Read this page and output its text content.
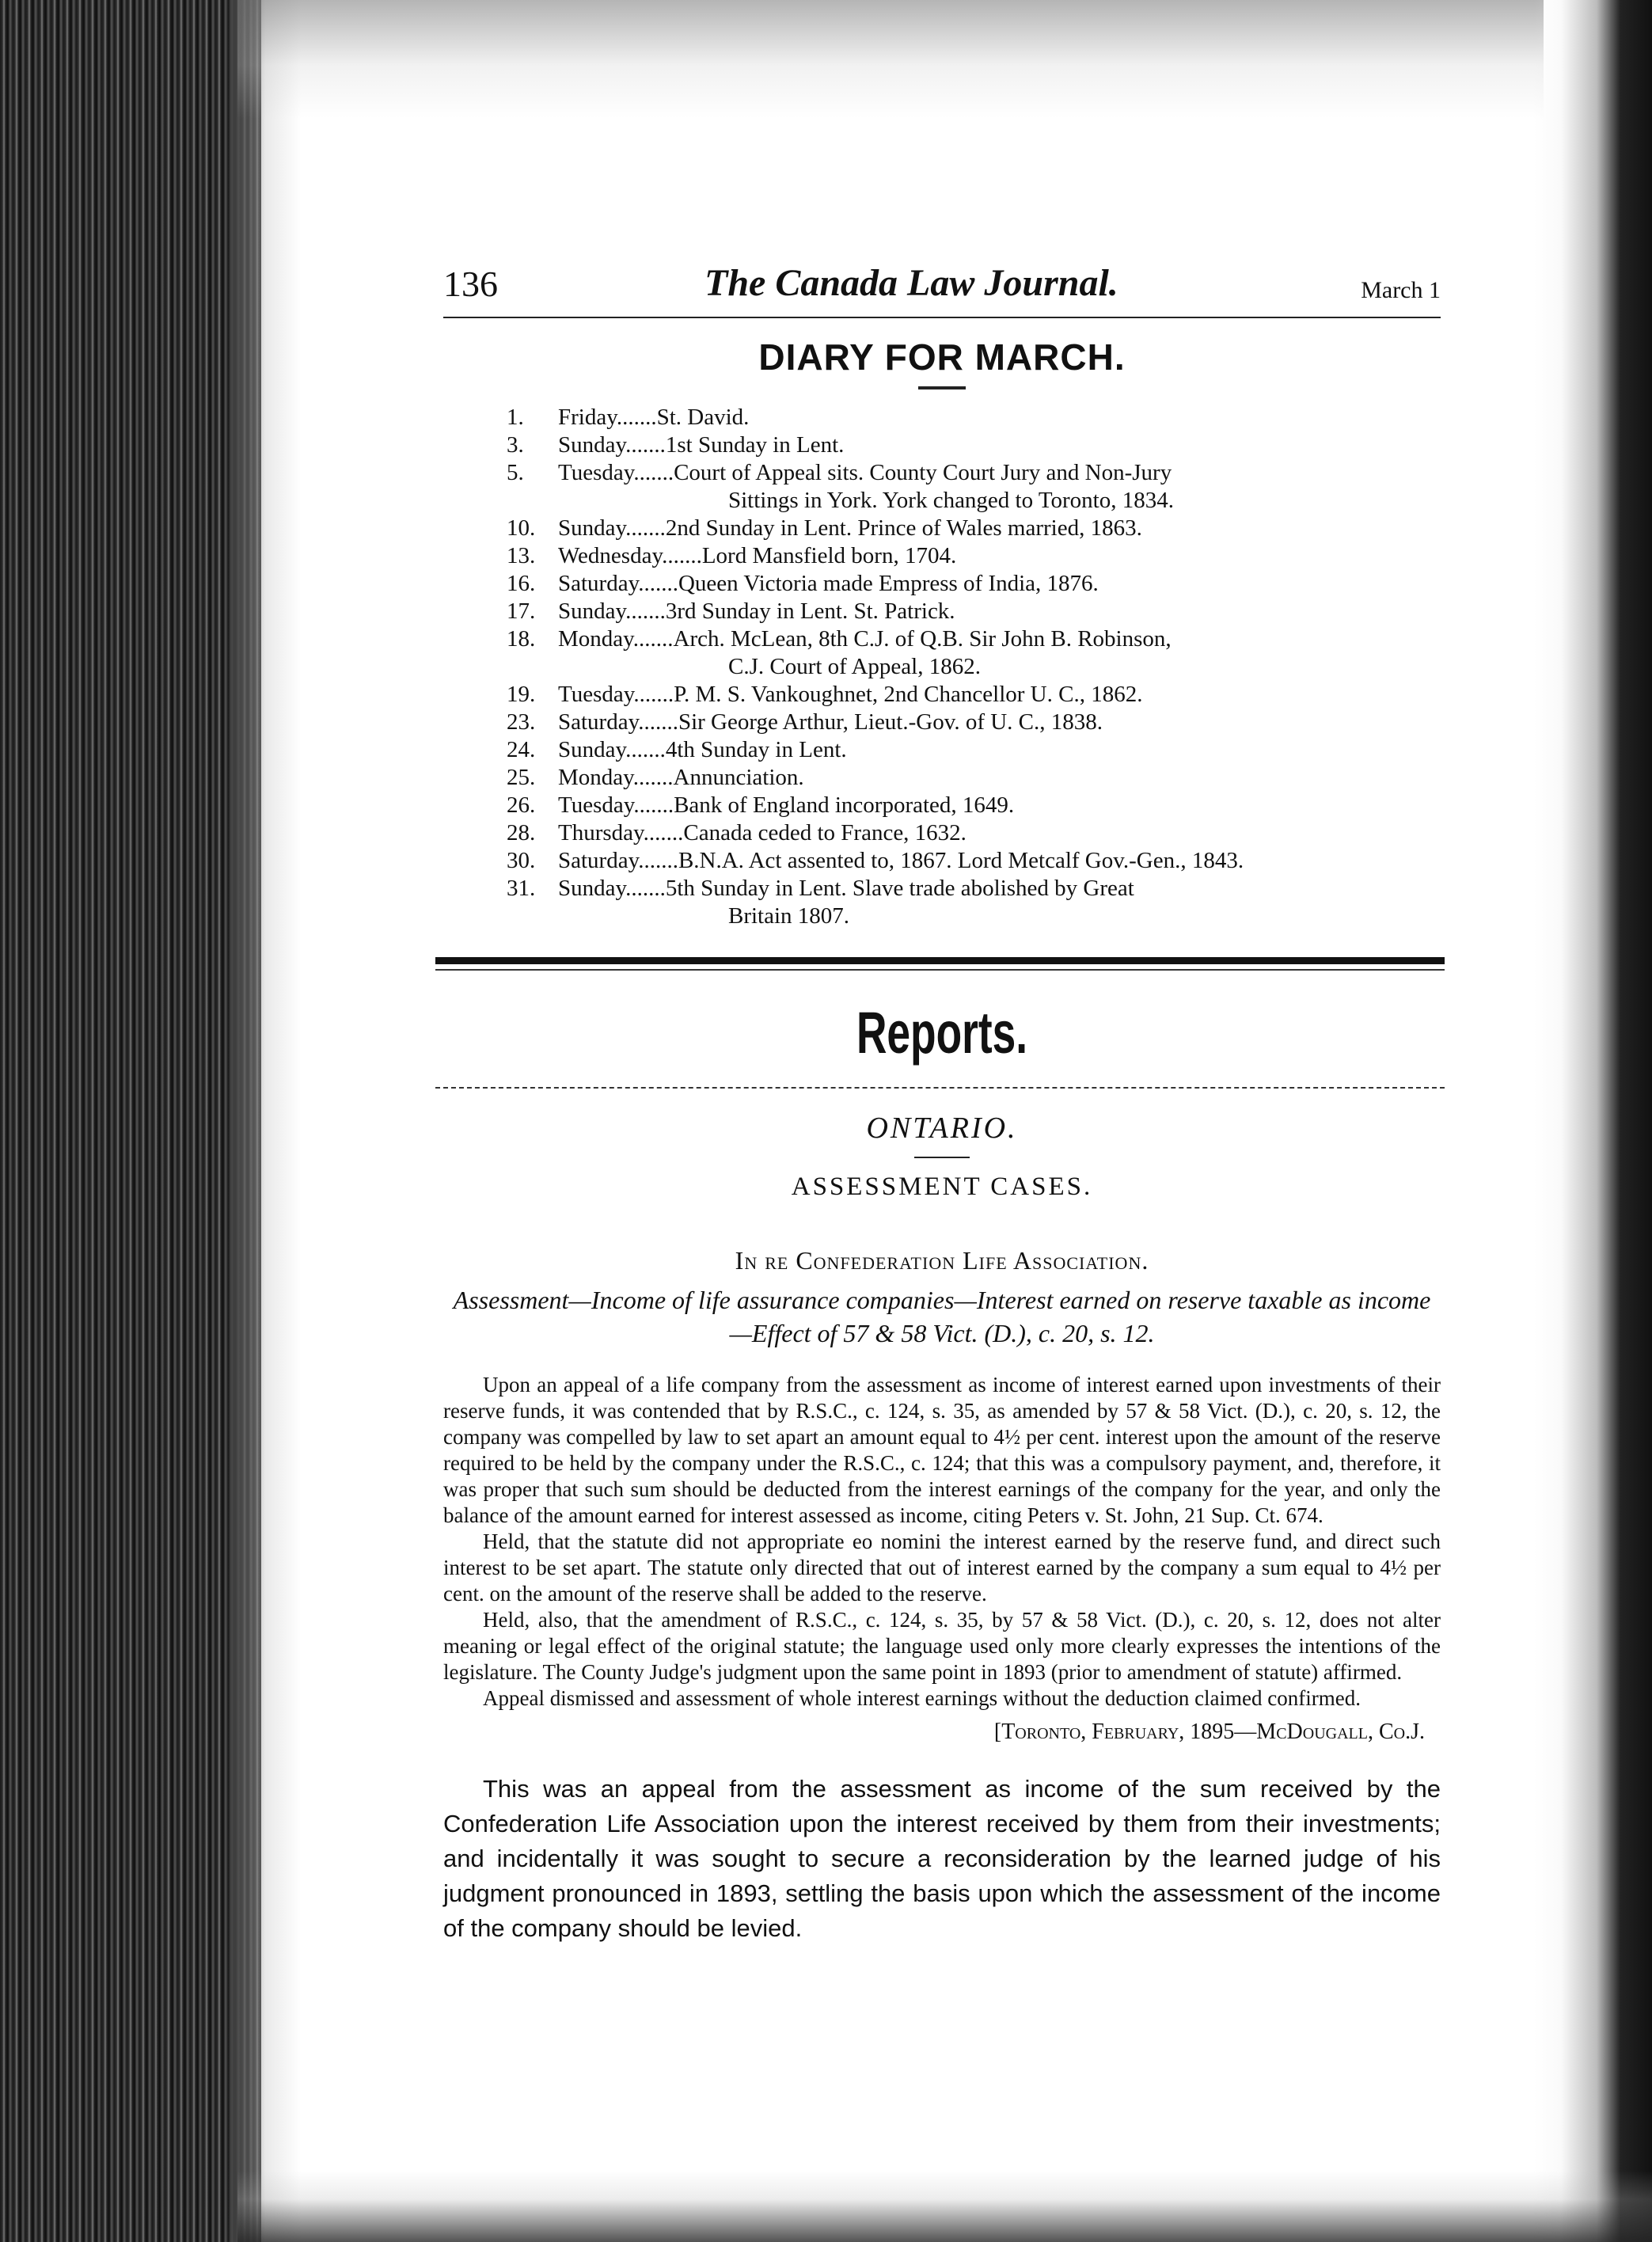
136	The Canada Law Journal.	March 1
DIARY FOR MARCH.
1.	Friday.......St. David.
3.	Sunday.......1st Sunday in Lent.
5.	Tuesday.......Court of Appeal sits. County Court Jury and Non-Jury
Sittings in York. York changed to Toronto, 1834.
10. Sunday.......2nd Sunday in Lent. Prince of Wales married, 1863.
13. Wednesday.......Lord Mansfield born, 1704.
16. Saturday.......Queen Victoria made Empress of India, 1876.
17. Sunday.......3rd Sunday in Lent. St. Patrick.
18. Monday.......Arch. McLean, 8th C.J. of Q.B. Sir John B. Robinson,
C.J. Court of Appeal, 1862.
19. Tuesday.......P. M. S. Vankoughnet, 2nd Chancellor U. C., 1862.
23. Saturday.......Sir George Arthur, Lieut.-Gov. of U. C., 1838.
24. Sunday.......4th Sunday in Lent.
25. Monday.......Annunciation.
26. Tuesday.......Bank of England incorporated, 1649.
28. Thursday.......Canada ceded to France, 1632.
30. Saturday.......B.N.A. Act assented to, 1867. Lord Metcalf Gov.-Gen., 1843.
31. Sunday.......5th Sunday in Lent. Slave trade abolished by Great
Britain 1807.
Reports.
ONTARIO.
ASSESSMENT CASES.
In re Confederation Life Association.
Assessment—Income of life assurance companies—Interest earned on reserve taxable as income—Effect of 57 & 58 Vict. (D.), c. 20, s. 12.

Upon an appeal of a life company from the assessment as income of interest earned upon investments of their reserve funds, it was contended that by R.S.C., c. 124, s. 35, as amended by 57 & 58 Vict. (D.), c. 20, s. 12, the company was compelled by law to set apart an amount equal to 4½ per cent. interest upon the amount of the reserve required to be held by the company under the R.S.C., c. 124; that this was a compulsory payment, and, therefore, it was proper that such sum should be deducted from the interest earnings of the company for the year, and only the balance of the amount earned for interest assessed as income, citing Peters v. St. John, 21 Sup. Ct. 674.

Held, that the statute did not appropriate eo nomini the interest earned by the reserve fund, and direct such interest to be set apart. The statute only directed that out of interest earned by the company a sum equal to 4½ per cent. on the amount of the reserve shall be added to the reserve.

Held, also, that the amendment of R.S.C., c. 124, s. 35, by 57 & 58 Vict. (D.), c. 20, s. 12, does not alter meaning or legal effect of the original statute; the language used only more clearly expresses the intentions of the legislature. The County Judge's judgment upon the same point in 1893 (prior to amendment of statute) affirmed.

Appeal dismissed and assessment of whole interest earnings without the deduction claimed confirmed.

[Toronto, February, 1895—McDougall, Co.J.

This was an appeal from the assessment as income of the sum received by the Confederation Life Association upon the interest received by them from their investments; and incidentally it was sought to secure a reconsideration by the learned judge of his judgment pronounced in 1893, settling the basis upon which the assessment of the income of the company should be levied.
